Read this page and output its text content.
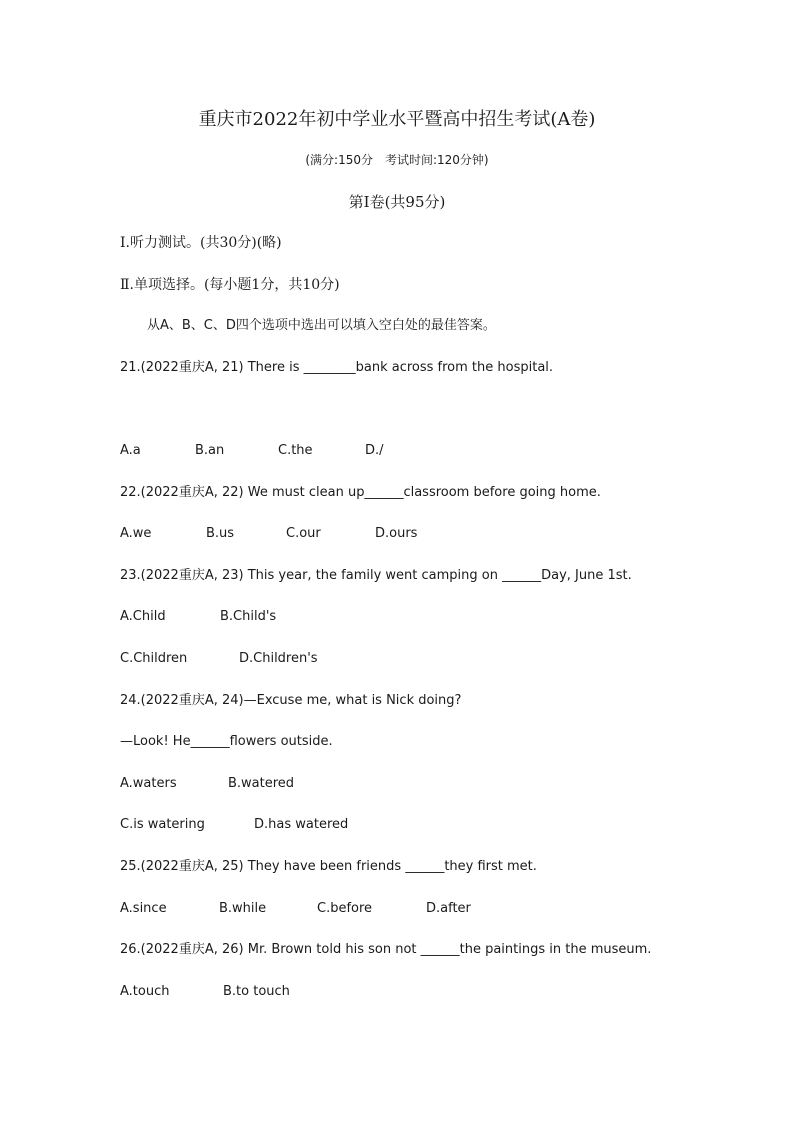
重庆市2022年初中学业水平暨高中招生考试(A卷)
(满分:150分　考试时间:120分钟)
第Ⅰ卷(共95分)
Ⅰ.听力测试。(共30分)(略)
Ⅱ.单项选择。(每小题1分，共10分)
从A、B、C、D四个选项中选出可以填入空白处的最佳答案。
21.(2022重庆A, 21) There is ________bank across from the hospital.
A.a	B.an	C.the	D./
22.(2022重庆A, 22) We must clean up______classroom before going home.
A.we	B.us	C.our	D.ours
23.(2022重庆A, 23) This year, the family went camping on ______Day, June 1st.
A.Child	B.Child's
C.Children	D.Children's
24.(2022重庆A, 24)—Excuse me, what is Nick doing?
—Look! He______flowers outside.
A.waters	B.watered
C.is watering	D.has watered
25.(2022重庆A, 25) They have been friends ______they first met.
A.since	B.while	C.before	D.after
26.(2022重庆A, 26) Mr. Brown told his son not ______the paintings in the museum.
A.touch	B.to touch
